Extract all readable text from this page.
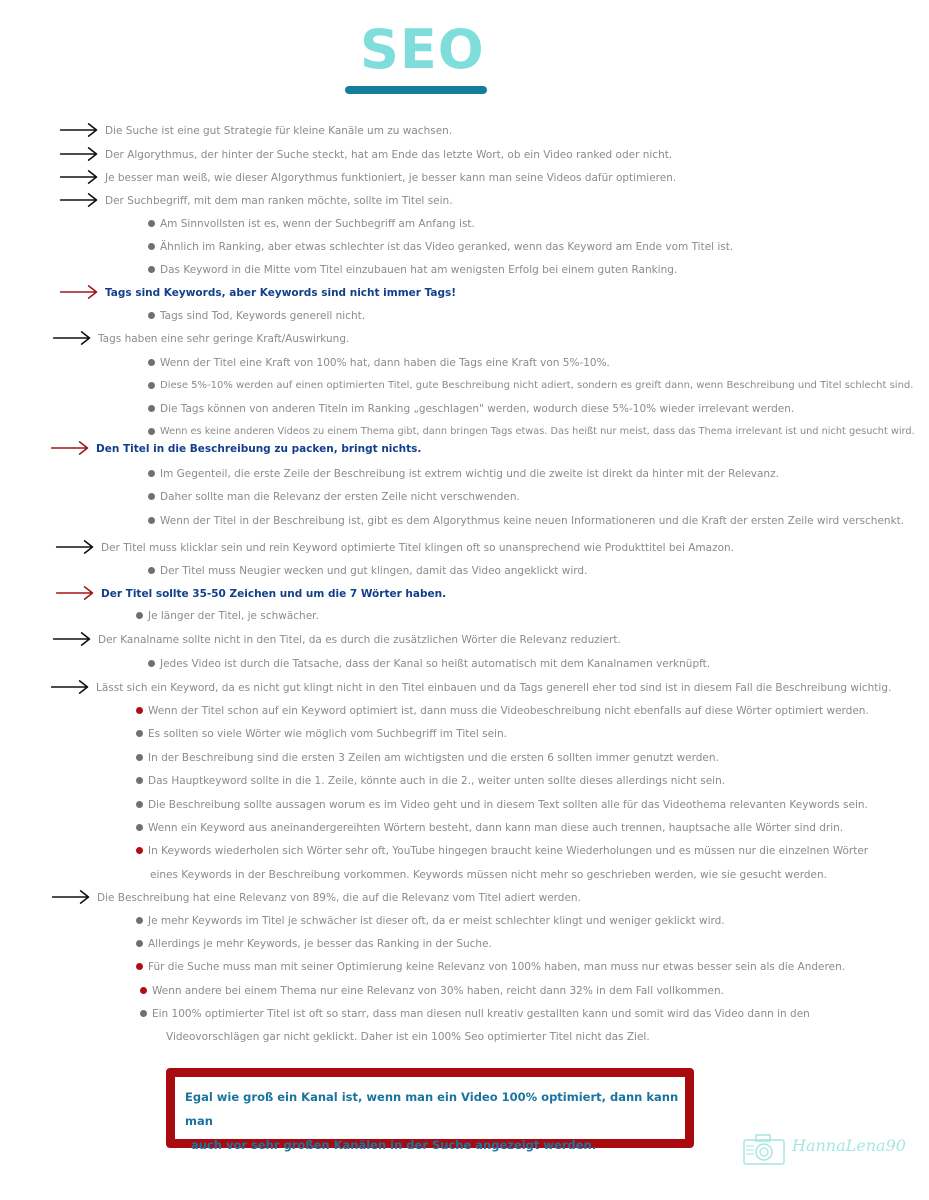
SEO
Die Suche ist eine gut Strategie für kleine Kanäle um zu wachsen.
Der Algorythmus, der hinter der Suche steckt, hat am Ende das letzte Wort, ob ein Video ranked oder nicht.
Je besser man weiß, wie dieser Algorythmus funktioniert, je besser kann man seine Videos dafür optimieren.
Der Suchbegriff, mit dem man ranken möchte, sollte im Titel sein.
Am Sinnvollsten ist es, wenn der Suchbegriff am Anfang ist.
Ähnlich im Ranking, aber etwas schlechter ist das Video geranked, wenn das Keyword am Ende vom Titel ist.
Das Keyword in die Mitte vom Titel einzubauen hat am wenigsten Erfolg bei einem guten Ranking.
Tags sind Keywords, aber Keywords sind nicht immer Tags!
Tags sind Tod, Keywords generell nicht.
Tags haben eine sehr geringe Kraft/Auswirkung.
Wenn der Titel eine Kraft von 100% hat, dann haben die Tags eine Kraft von 5%-10%.
Diese 5%-10% werden auf einen optimierten Titel, gute Beschreibung nicht adiert, sondern es greift dann, wenn Beschreibung und Titel schlecht sind.
Die Tags können von anderen Titeln im Ranking „geschlagen" werden, wodurch diese 5%-10% wieder irrelevant werden.
Wenn es keine anderen Videos zu einem Thema gibt, dann bringen Tags etwas. Das heißt nur meist, dass das Thema irrelevant ist und nicht gesucht wird.
Den Titel in die Beschreibung zu packen, bringt nichts.
Im Gegenteil, die erste Zeile der Beschreibung ist extrem wichtig und die zweite ist direkt da hinter mit der Relevanz.
Daher sollte man die Relevanz der ersten Zeile nicht verschwenden.
Wenn der Titel in der Beschreibung ist, gibt es dem Algorythmus keine neuen Informationeren und die Kraft der ersten Zeile wird verschenkt.
Der Titel muss klicklar sein und rein Keyword optimierte Titel klingen oft so unansprechend wie Produkttitel bei Amazon.
Der Titel muss Neugier wecken und gut klingen, damit das Video angeklickt wird.
Der Titel sollte 35-50 Zeichen und um die 7 Wörter haben.
Je länger der Titel, je schwächer.
Der Kanalname sollte nicht in den Titel, da es durch die zusätzlichen Wörter die Relevanz reduziert.
Jedes Video ist durch die Tatsache, dass der Kanal so heißt automatisch mit dem Kanalnamen verknüpft.
Lässt sich ein Keyword, da es nicht gut klingt nicht in den Titel einbauen und da Tags generell eher tod sind ist in diesem Fall die Beschreibung wichtig.
Wenn der Titel schon auf ein Keyword optimiert ist, dann muss die Videobeschreibung nicht ebenfalls auf diese Wörter optimiert werden.
Es sollten so viele Wörter wie möglich vom Suchbegriff im Titel sein.
In der Beschreibung sind die ersten 3 Zeilen am wichtigsten und die ersten 6 sollten immer genutzt werden.
Das Hauptkeyword sollte in die 1. Zeile, könnte auch in die 2., weiter unten sollte dieses allerdings nicht sein.
Die Beschreibung sollte aussagen worum es im Video geht und in diesem Text sollten alle für das Videothema relevanten Keywords sein.
Wenn ein Keyword aus aneinandergereihten Wörtern besteht, dann kann man diese auch trennen, hauptsache alle Wörter sind drin.
In Keywords wiederholen sich Wörter sehr oft, YouTube hingegen braucht keine Wiederholungen und es müssen nur die einzelnen Wörter
eines Keywords in der Beschreibung vorkommen. Keywords müssen nicht mehr so geschrieben werden, wie sie gesucht werden.
Die Beschreibung hat eine Relevanz von 89%, die auf die Relevanz vom Titel adiert werden.
Je mehr Keywords im Titel je schwächer ist dieser oft, da er meist schlechter klingt und weniger geklickt wird.
Allerdings je mehr Keywords, je besser das Ranking in der Suche.
Für die Suche muss man mit seiner Optimierung keine Relevanz von 100% haben, man muss nur etwas besser sein als die Anderen.
Wenn andere bei einem Thema nur eine Relevanz von 30% haben, reicht dann 32% in dem Fall vollkommen.
Ein 100% optimierter Titel ist oft so starr, dass man diesen null kreativ gestallten kann und somit wird das Video dann in den
Videovorschlägen gar nicht geklickt. Daher ist ein 100% Seo optimierter Titel nicht das Ziel.
Egal wie groß ein Kanal ist, wenn man ein Video 100% optimiert, dann kann man
auch vor sehr großen Kanälen in der Suche angezeigt werden.	HannaLena90
